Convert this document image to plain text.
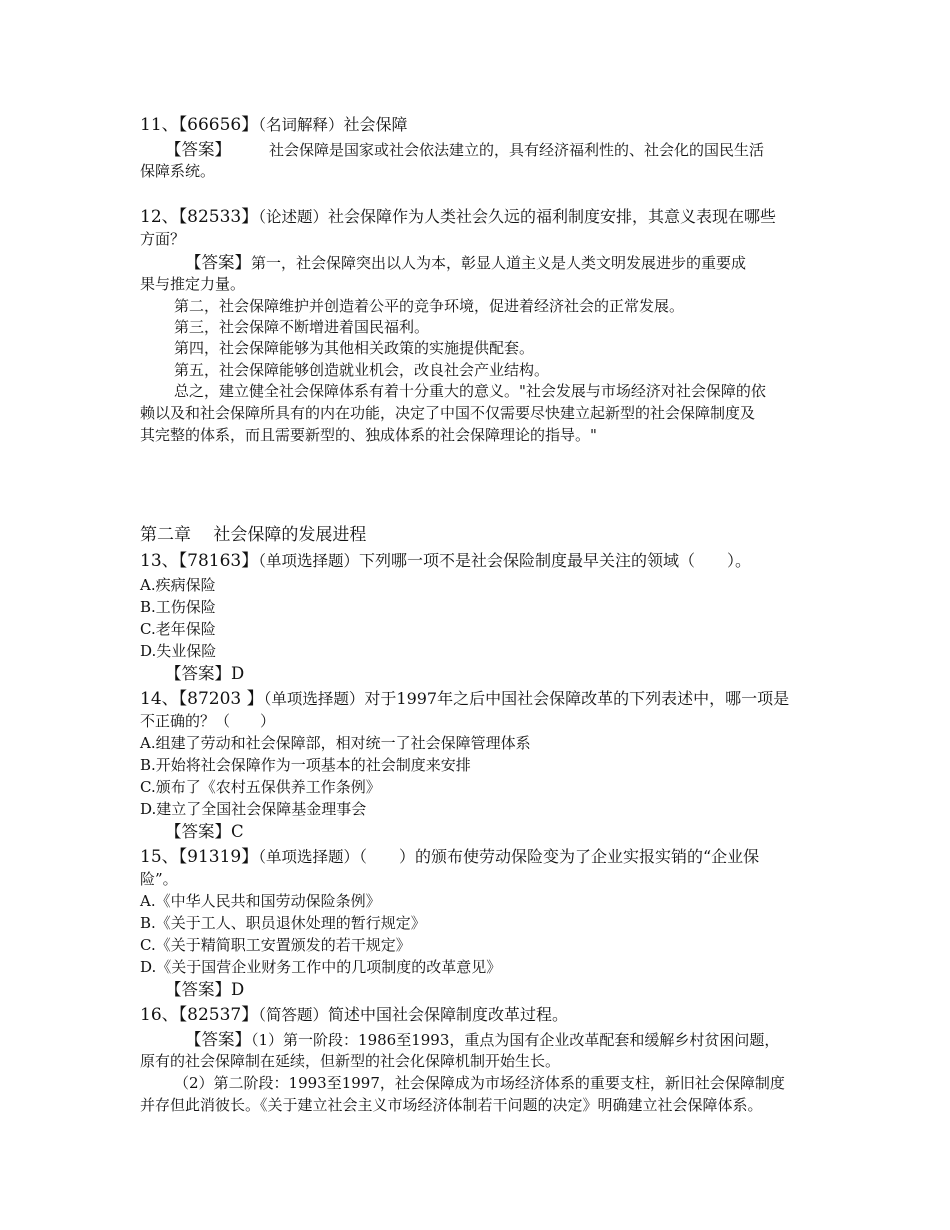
11、【66656】（名词解释）社会保障
【答案】	社会保障是国家或社会依法建立的，具有经济福利性的、社会化的国民生活
保障系统。
12、【82533】（论述题）社会保障作为人类社会久远的福利制度安排，其意义表现在哪些
方面？
【答案】第一，社会保障突出以人为本，彰显人道主义是人类文明发展进步的重要成
果与推定力量。
第二，社会保障维护并创造着公平的竞争环境，促进着经济社会的正常发展。
第三，社会保障不断增进着国民福利。
第四，社会保障能够为其他相关政策的实施提供配套。
第五，社会保障能够创造就业机会，改良社会产业结构。
总之，建立健全社会保障体系有着十分重大的意义。"社会发展与市场经济对社会保障的依
赖以及和社会保障所具有的内在功能，决定了中国不仅需要尽快建立起新型的社会保障制度及
其完整的体系，而且需要新型的、独成体系的社会保障理论的指导。"
第二章　 社会保障的发展进程
13、【78163】（单项选择题）下列哪一项不是社会保险制度最早关注的领域（　　）。
A.疾病保险
B.工伤保险
C.老年保险
D.失业保险
【答案】D
14、【87203 】（单项选择题）对于1997年之后中国社会保障改革的下列表述中，哪一项是
不正确的？（　　）
A.组建了劳动和社会保障部，相对统一了社会保障管理体系
B.开始将社会保障作为一项基本的社会制度来安排
C.颁布了《农村五保供养工作条例》
D.建立了全国社会保障基金理事会
【答案】C
15、【91319】（单项选择题）（　　）的颁布使劳动保险变为了企业实报实销的“企业保
险”。
A.《中华人民共和国劳动保险条例》
B.《关于工人、职员退休处理的暂行规定》
C.《关于精简职工安置颁发的若干规定》
D.《关于国营企业财务工作中的几项制度的改革意见》
【答案】D
16、【82537】（简答题）简述中国社会保障制度改革过程。
【答案】（1）第一阶段：1986至1993，重点为国有企业改革配套和缓解乡村贫困问题，
原有的社会保障制在延续，但新型的社会化保障机制开始生长。
（2）第二阶段：1993至1997，社会保障成为市场经济体系的重要支柱，新旧社会保障制度
并存但此消彼长。《关于建立社会主义市场经济体制若干问题的决定》明确建立社会保障体系。
